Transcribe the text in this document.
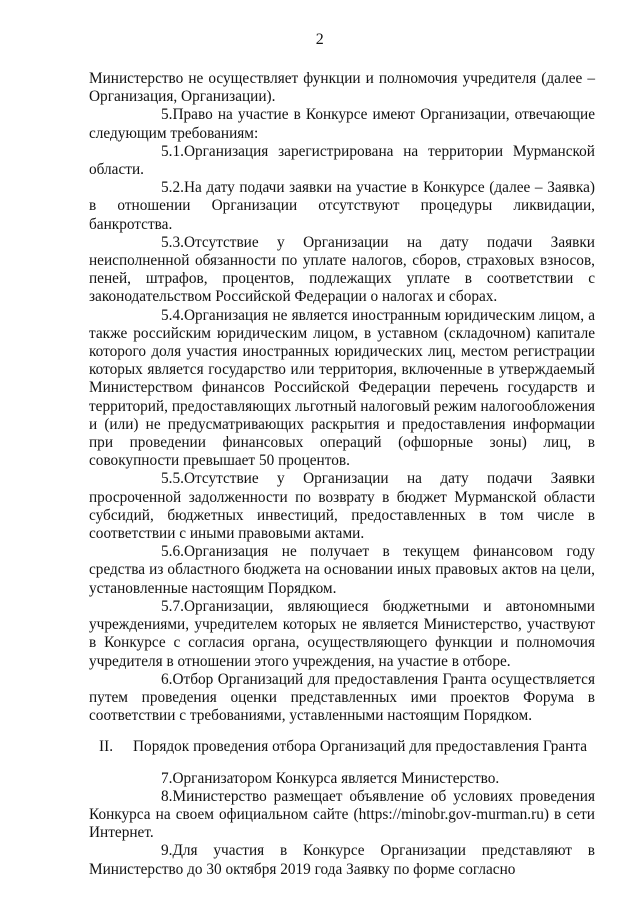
2

Министерство не осуществляет функции и полномочия учредителя (далее – Организация, Организации).

5.Право на участие в Конкурсе имеют Организации, отвечающие следующим требованиям:

5.1.Организация зарегистрирована на территории Мурманской области.

5.2.На дату подачи заявки на участие в Конкурсе (далее – Заявка) в отношении Организации отсутствуют процедуры ликвидации, банкротства.

5.3.Отсутствие у Организации на дату подачи Заявки неисполненной обязанности по уплате налогов, сборов, страховых взносов, пеней, штрафов, процентов, подлежащих уплате в соответствии с законодательством Российской Федерации о налогах и сборах.

5.4.Организация не является иностранным юридическим лицом, а также российским юридическим лицом, в уставном (складочном) капитале которого доля участия иностранных юридических лиц, местом регистрации которых является государство или территория, включенные в утверждаемый Министерством финансов Российской Федерации перечень государств и территорий, предоставляющих льготный налоговый режим налогообложения и (или) не предусматривающих раскрытия и предоставления информации при проведении финансовых операций (офшорные зоны) лиц, в совокупности превышает 50 процентов.

5.5.Отсутствие у Организации на дату подачи Заявки просроченной задолженности по возврату в бюджет Мурманской области субсидий, бюджетных инвестиций, предоставленных в том числе в соответствии с иными правовыми актами.

5.6.Организация не получает в текущем финансовом году средства из областного бюджета на основании иных правовых актов на цели, установленные настоящим Порядком.

5.7.Организации, являющиеся бюджетными и автономными учреждениями, учредителем которых не является Министерство, участвуют в Конкурсе с согласия органа, осуществляющего функции и полномочия учредителя в отношении этого учреждения, на участие в отборе.

6.Отбор Организаций для предоставления Гранта осуществляется путем проведения оценки представленных ими проектов Форума в соответствии с требованиями, уставленными настоящим Порядком.

II. Порядок проведения отбора Организаций для предоставления Гранта

7.Организатором Конкурса является Министерство.

8.Министерство размещает объявление об условиях проведения Конкурса на своем официальном сайте (https://minobr.gov-murman.ru) в сети Интернет.

9.Для участия в Конкурсе Организации представляют в Министерство до 30 октября 2019 года Заявку по форме согласно
